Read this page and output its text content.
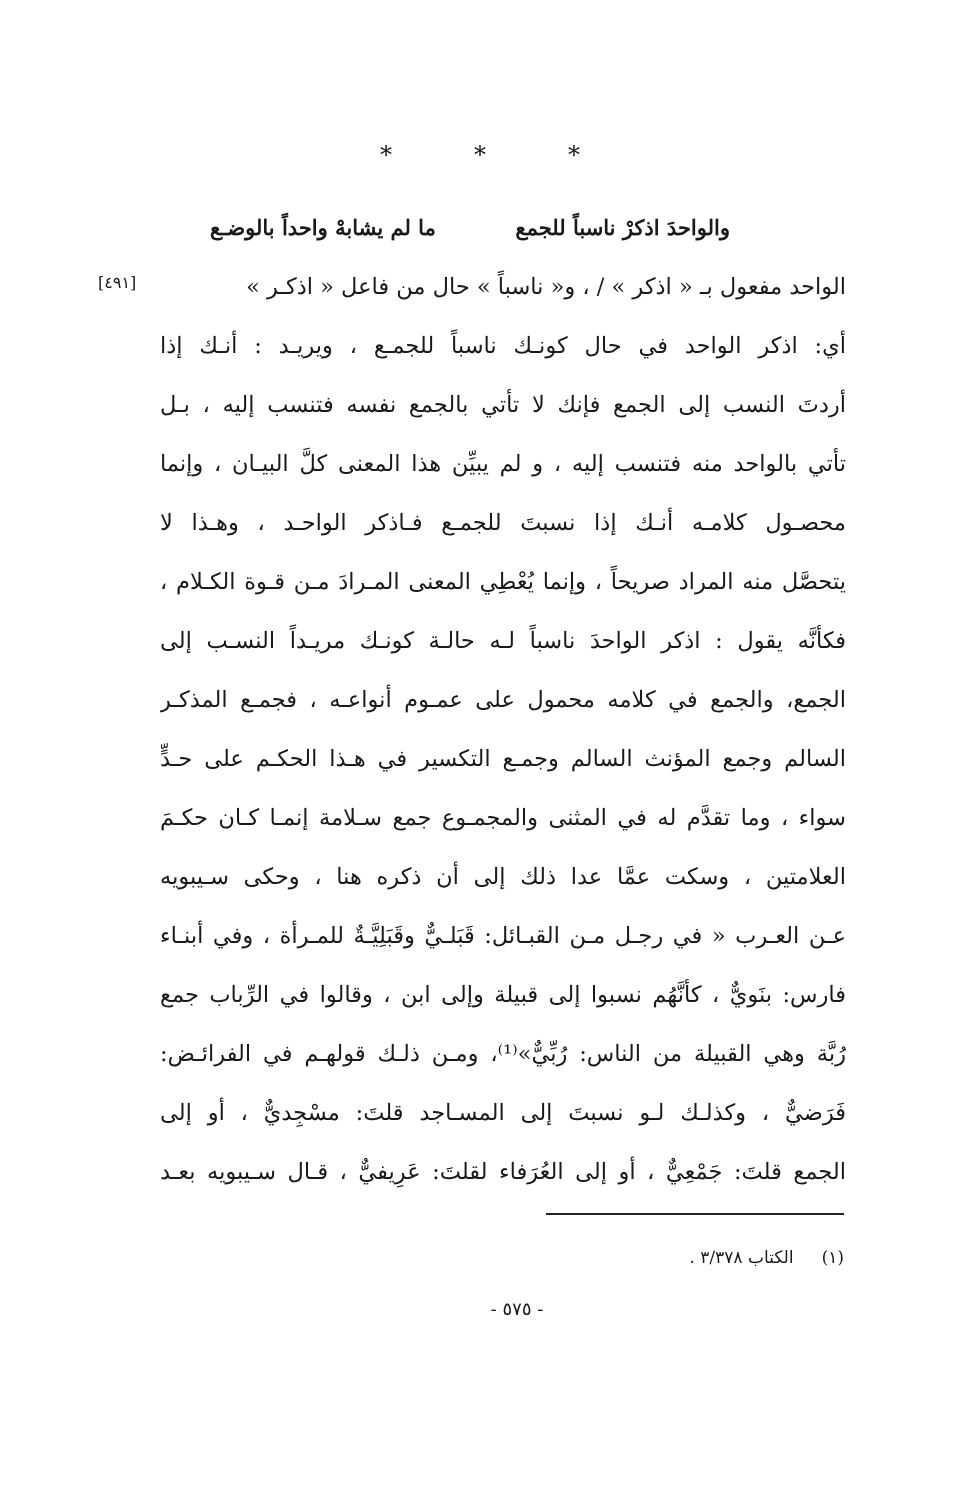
*	*	*
والواحدَ اذكرْ ناسباً للجمع
ما لم يشابهْ واحداً بالوضـع
[٤٩١]	الواحد مفعول بـ « اذكر » / ، و« ناسباً » حال من فاعل « اذكـر »
أي: اذكر الواحد في حال كونـك ناسباً للجمـع ، ويريـد : أنـك إذا
أردتَ النسب إلى الجمع فإنك لا تأتي بالجمع نفسه فتنسب إليه ، بـل
تأتي بالواحد منه فتنسب إليه ، و لم يبيِّن هذا المعنى كلَّ البيـان ، وإنما
محصـول كلامـه أنـك إذا نسبتَ للجمـع فـاذكر الواحـد ، وهـذا لا
يتحصَّل منه المراد صريحاً ، وإنما يُعْطِي المعنى المـرادَ مـن قـوة الكـلام ،
فكأنَّه يقول : اذكر الواحدَ ناسباً لـه حالـة كونـك مريـداً النسـب إلى
الجمع، والجمع في كلامه محمول على عمـوم أنواعـه ، فجمـع المذكـر
السالم وجمع المؤنث السالم وجمـع التكسير في هـذا الحكـم على حـدٍّ
سواء ، وما تقدَّم له في المثنى والمجمـوع جمع سـلامة إنمـا كـان حكـمَ
العلامتين ، وسكت عمَّا عدا ذلك إلى أن ذكره هنا ، وحكى سـيبويه
عـن العـرب « في رجـل مـن القبـائل: قَبَلـيٌّ وقَبَلِيَّـةٌ للمـرأة ، وفي أبنـاء
فارس: بنَويٌّ ، كأنَّهُم نسبوا إلى قبيلة وإلى ابن ، وقالوا في الرِّباب جمع
رُبَّة وهي القبيلة من الناس: رُبِّيٌّ»⁽¹⁾، ومـن ذلـك قولهـم في الفرائـض:
فَرَضيٌّ ، وكذلـك لـو نسبتَ إلى المسـاجد قلتَ: مسْجِديٌّ ، أو إلى
الجمع قلتَ: جَمْعِيٌّ ، أو إلى العُرَفاء لقلتَ: عَرِيفيٌّ ، قـال سـيبويه بعـد
(١)
الكتاب ٣/٣٧٨ .
- ٥٧٥ -
